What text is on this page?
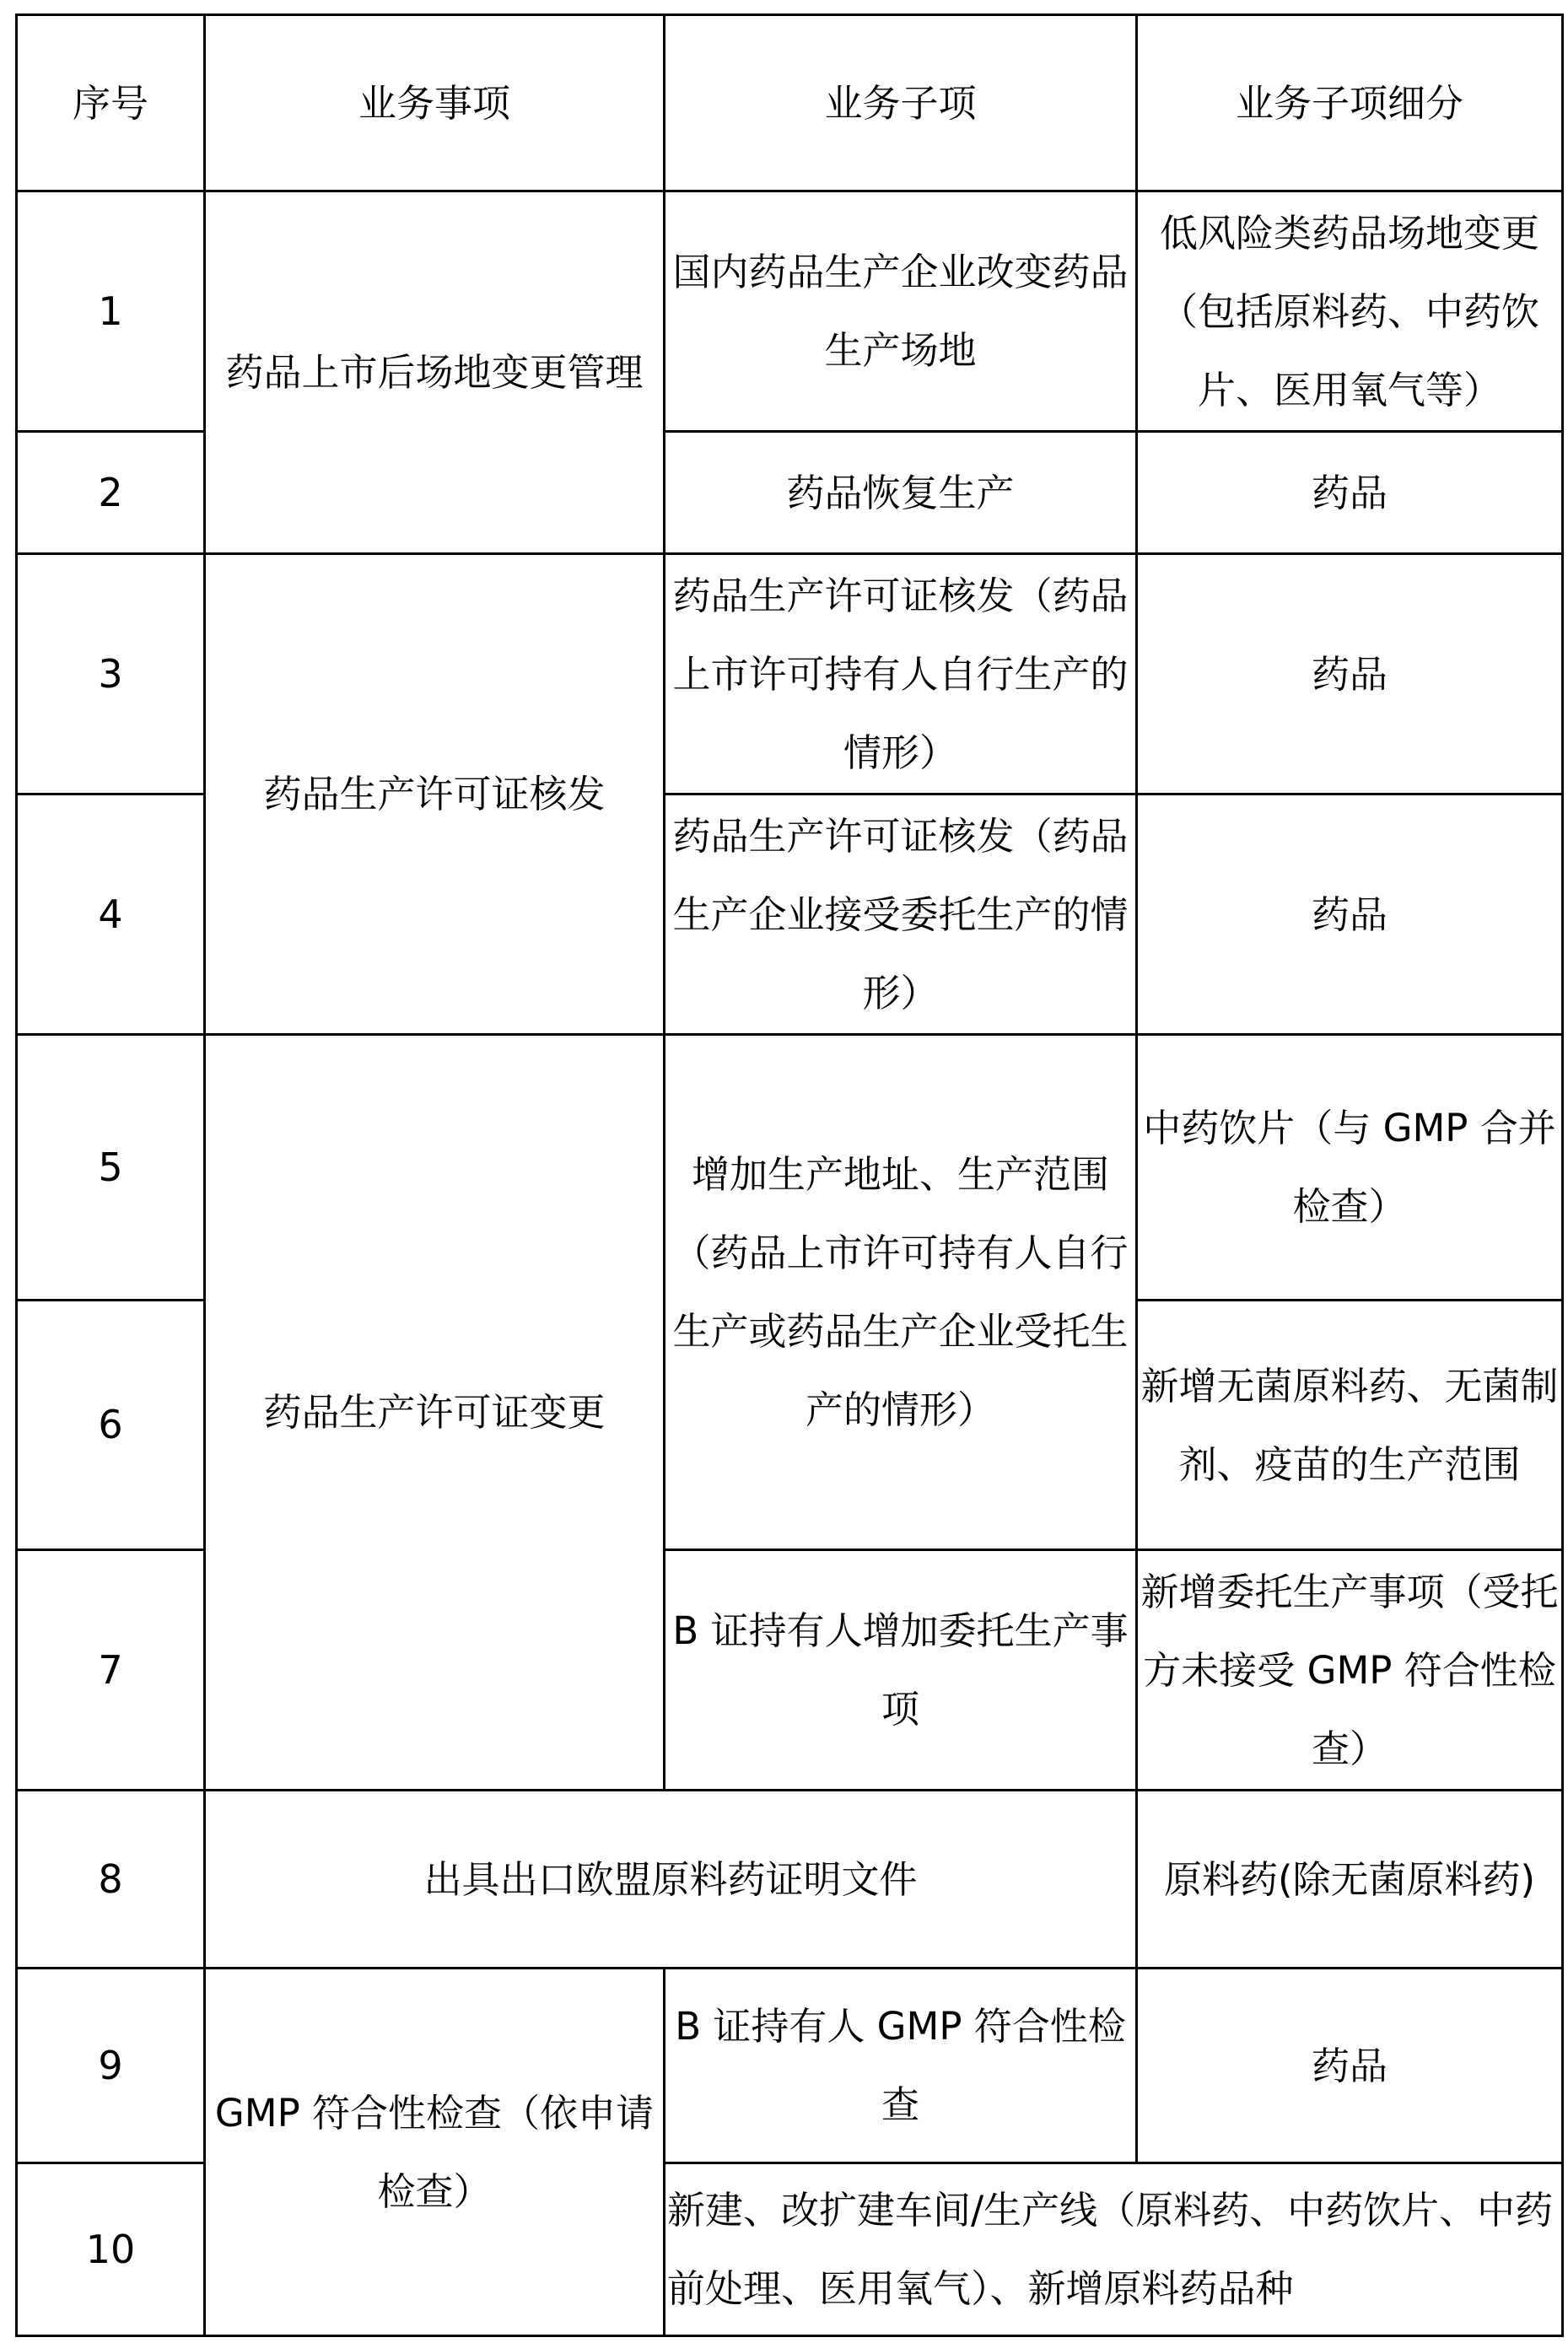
序号	业务事项	业务子项	业务子项细分
1	药品上市后场地变更管理	国内药品生产企业改变药品生产场地	低风险类药品场地变更（包括原料药、中药饮片、医用氧气等）
2		药品恢复生产	药品
3	药品生产许可证核发	药品生产许可证核发（药品上市许可持有人自行生产的情形）	药品
4		药品生产许可证核发（药品生产企业接受委托生产的情形）	药品
5	药品生产许可证变更	增加生产地址、生产范围（药品上市许可持有人自行生产或药品生产企业受托生产的情形）	中药饮片（与 GMP 合并检查）
6			新增无菌原料药、无菌制剂、疫苗的生产范围
7		B 证持有人增加委托生产事项	新增委托生产事项（受托方未接受 GMP 符合性检查）
8	出具出口欧盟原料药证明文件		原料药(除无菌原料药)
9	GMP 符合性检查（依申请检查）	B 证持有人 GMP 符合性检查	药品
10		新建、改扩建车间/生产线（原料药、中药饮片、中药前处理、医用氧气）、新增原料药品种	
